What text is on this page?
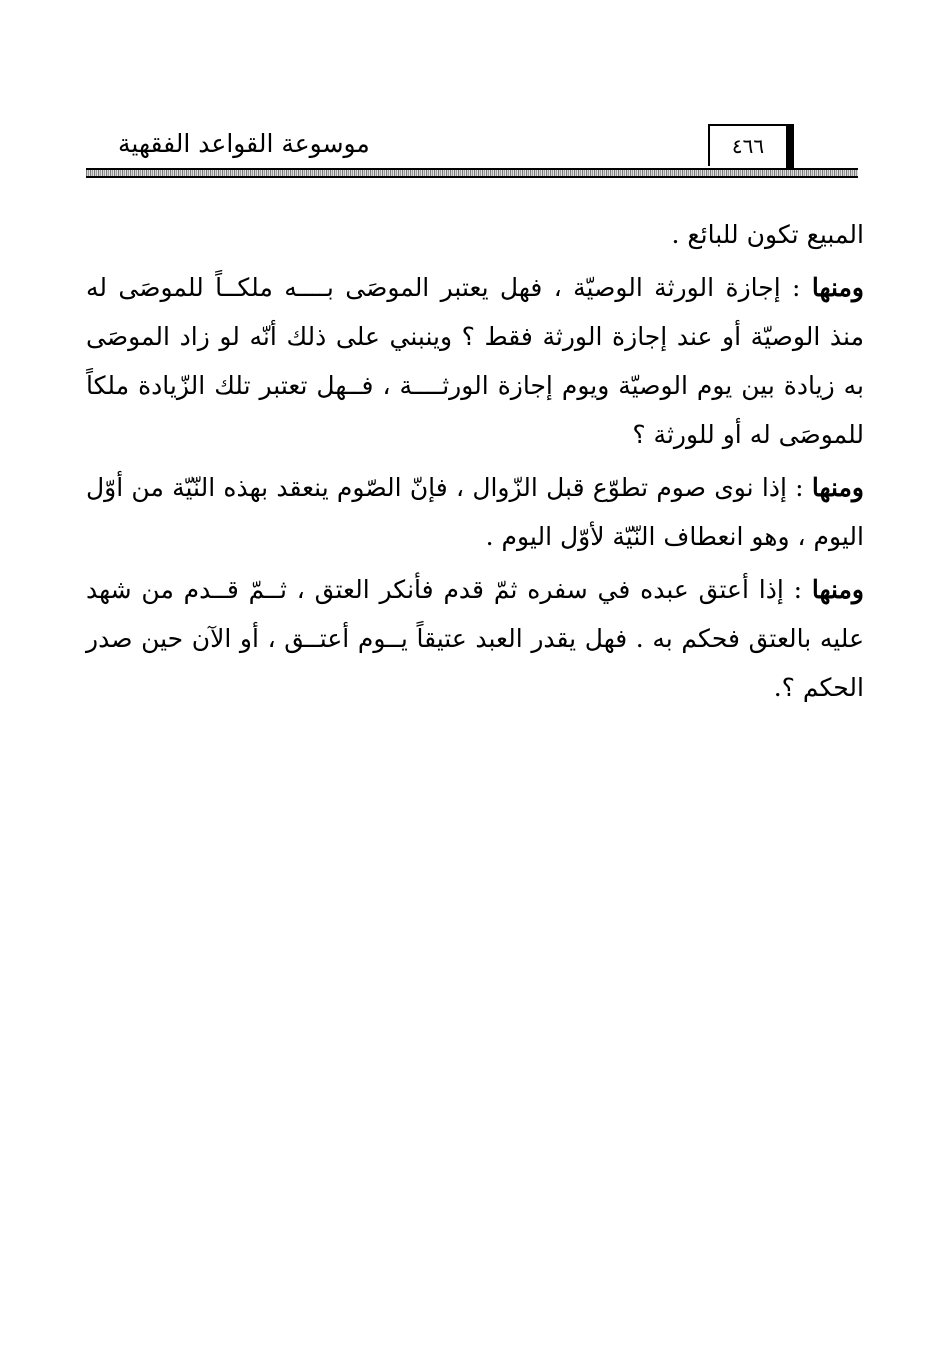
موسوعة القواعد الفقهية	٤٦٦

المبيع تكون للبائع .

ومنها : إجازة الورثة الوصيّة ، فهل يعتبر الموصَى بــــه ملكــاً للموصَى له منذ الوصيّة أو عند إجازة الورثة فقط ؟ وينبني على ذلك أنّه لو زاد الموصَى به زيادة بين يوم الوصيّة ويوم إجازة الورثــــة ، فــهل تعتبر تلك الزّيادة ملكاً للموصَى له أو للورثة ؟

ومنها : إذا نوى صوم تطوّع قبل الزّوال ، فإنّ الصّوم ينعقد بهذه النّيّة من أوّل اليوم ، وهو انعطاف النّيّة لأوّل اليوم .

ومنها : إذا أعتق عبده في سفره ثمّ قدم فأنكر العتق ، ثــمّ قــدم من شهد عليه بالعتق فحكم به . فهل يقدر العبد عتيقاً يــوم أعتــق ، أو الآن حين صدر الحكم ؟.
